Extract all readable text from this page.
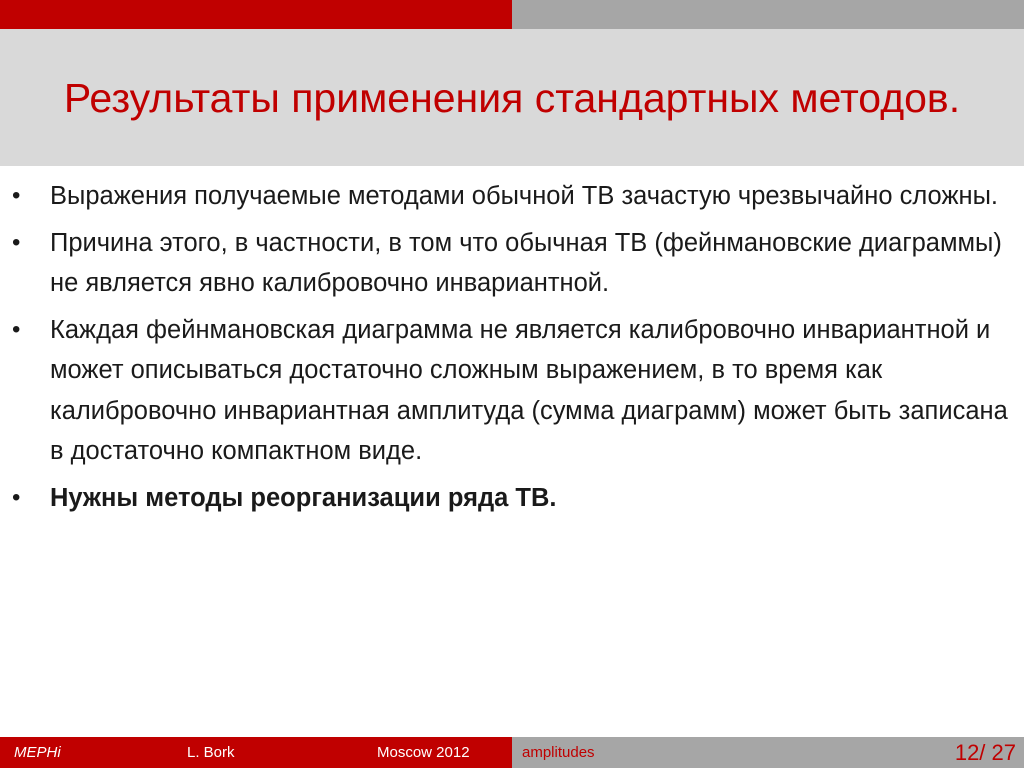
Результаты применения стандартных методов.
• Выражения получаемые методами обычной ТВ зачастую чрезвычайно сложны.
• Причина этого, в частности, в том что обычная ТВ (фейнмановские диаграммы) не является явно калибровочно инвариантной.
• Каждая фейнмановская диаграмма не является калибровочно инвариантной и может описываться достаточно сложным выражением, в то время как калибровочно инвариантная амплитуда (сумма диаграмм) может быть записана в достаточно компактном виде.
• Нужны методы реорганизации ряда ТВ.
MEPHi	L. Bork	Moscow 2012	amplitudes	12/ 27
